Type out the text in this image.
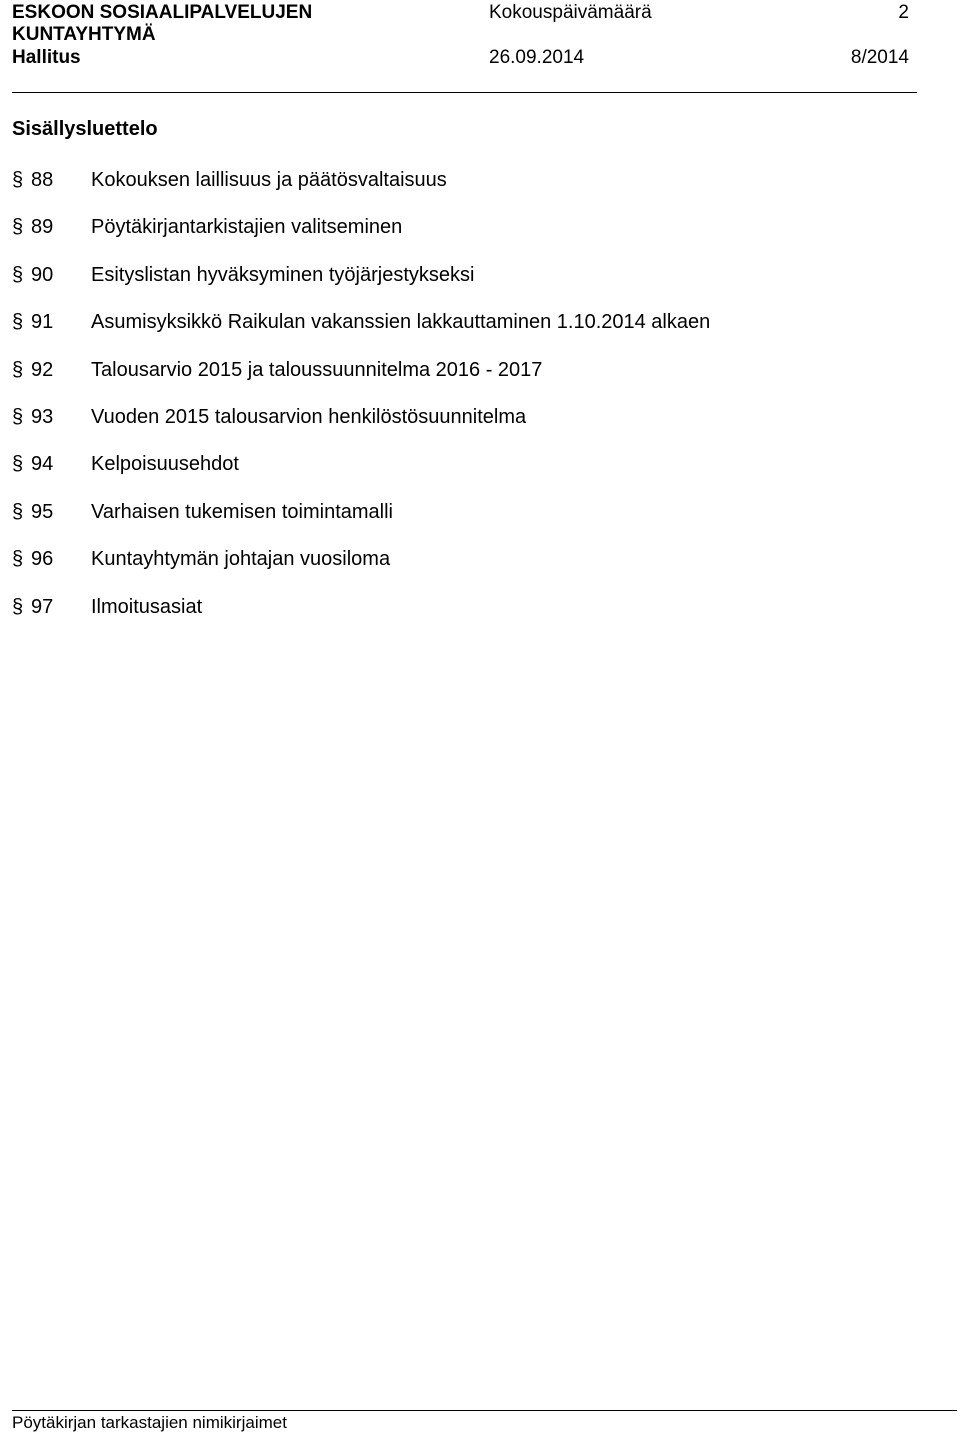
ESKOON SOSIAALIPALVELUJEN
KUNTAYHTYMÄ
Hallitus
Kokouspäivämäärä
26.09.2014
2
8/2014
Sisällysluettelo
§ 88 Kokouksen laillisuus ja päätösvaltaisuus
§ 89 Pöytäkirjantarkistajien valitseminen
§ 90 Esityslistan hyväksyminen työjärjestykseksi
§ 91 Asumisyksikkö Raikulan vakanssien lakkauttaminen 1.10.2014 alkaen
§ 92 Talousarvio 2015 ja taloussuunnitelma 2016 - 2017
§ 93 Vuoden 2015 talousarvion henkilöstösuunnitelma
§ 94 Kelpoisuusehdot
§ 95 Varhaisen tukemisen toimintamalli
§ 96 Kuntayhtymän johtajan vuosiloma
§ 97 Ilmoitusasiat
Pöytäkirjan tarkastajien nimikirjaimet
